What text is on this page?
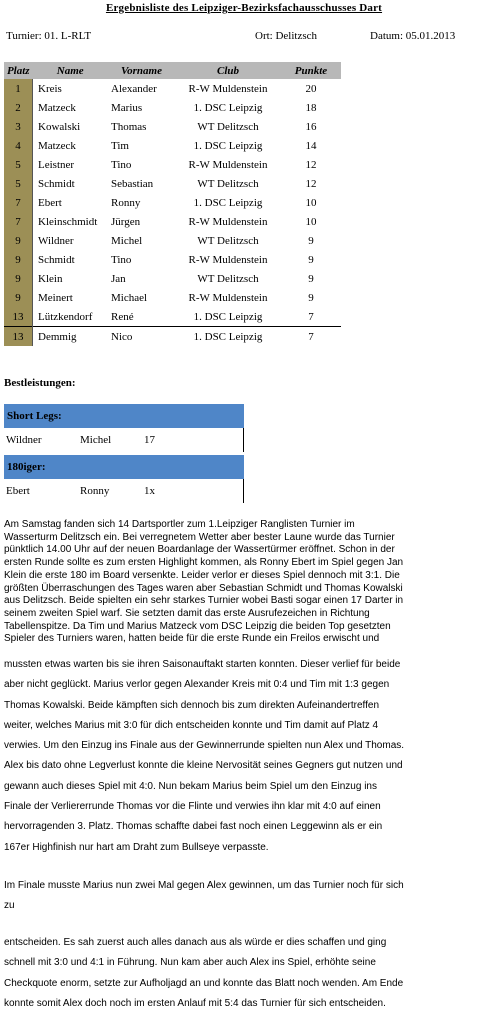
Ergebnisliste des Leipziger-Bezirksfachausschusses Dart
Turnier: 01. L-RLT	Ort: Delitzsch	Datum: 05.01.2013
Platz	Name	Vorname	Club	Punkte
1	Kreis	Alexander	R-W Muldenstein	20
2	Matzeck	Marius	1. DSC Leipzig	18
3	Kowalski	Thomas	WT Delitzsch	16
4	Matzeck	Tim	1. DSC Leipzig	14
5	Leistner	Tino	R-W Muldenstein	12
5	Schmidt	Sebastian	WT Delitzsch	12
7	Ebert	Ronny	1. DSC Leipzig	10
7	Kleinschmidt	Jürgen	R-W Muldenstein	10
9	Wildner	Michel	WT Delitzsch	9
9	Schmidt	Tino	R-W Muldenstein	9
9	Klein	Jan	WT Delitzsch	9
9	Meinert	Michael	R-W Muldenstein	9
13	Lützkendorf	René	1. DSC Leipzig	7
13	Demmig	Nico	1. DSC Leipzig	7
Bestleistungen:
Short Legs:
Wildner	Michel	17
180iger:
Ebert	Ronny	1x
Am Samstag fanden sich 14 Dartsportler zum 1.Leipziger Ranglisten Turnier im
Wasserturm Delitzsch ein. Bei verregnetem Wetter aber bester Laune wurde das Turnier
pünktlich 14.00 Uhr auf der neuen Boardanlage der Wassertürmer eröffnet. Schon in der
ersten Runde sollte es zum ersten Highlight kommen, als Ronny Ebert im Spiel gegen Jan
Klein die erste 180 im Board versenkte. Leider verlor er dieses Spiel dennoch mit 3:1. Die
größten Überraschungen des Tages waren aber Sebastian Schmidt und Thomas Kowalski
aus Delitzsch. Beide spielten ein sehr starkes Turnier wobei Basti sogar einen 17 Darter in
seinem zweiten Spiel warf. Sie setzten damit das erste Ausrufezeichen in Richtung
Tabellenspitze. Da Tim und Marius Matzeck vom DSC Leipzig die beiden Top gesetzten
Spieler des Turniers waren, hatten beide für die erste Runde ein Freilos erwischt und
mussten etwas warten bis sie ihren Saisonauftakt starten konnten. Dieser verlief für beide
aber nicht geglückt. Marius verlor gegen Alexander Kreis mit 0:4 und Tim mit 1:3 gegen
Thomas Kowalski. Beide kämpften sich dennoch bis zum direkten Aufeinandertreffen
weiter, welches Marius mit 3:0 für dich entscheiden konnte und Tim damit auf Platz 4
verwies. Um den Einzug ins Finale aus der Gewinnerrunde spielten nun Alex und Thomas.
Alex bis dato ohne Legverlust konnte die kleine Nervosität seines Gegners gut nutzen und
gewann auch dieses Spiel mit 4:0. Nun bekam Marius beim Spiel um den Einzug ins
Finale der Verliererrunde Thomas vor die Flinte und verwies ihn klar mit 4:0 auf einen
hervorragenden 3. Platz. Thomas schaffte dabei fast noch einen Leggewinn als er ein
167er Highfinish nur hart am Draht zum Bullseye verpasste.
Im Finale musste Marius nun zwei Mal gegen Alex gewinnen, um das Turnier noch für sich
zu
entscheiden. Es sah zuerst auch alles danach aus als würde er dies schaffen und ging
schnell mit 3:0 und 4:1 in Führung. Nun kam aber auch Alex ins Spiel, erhöhte seine
Checkquote enorm, setzte zur Aufholjagd an und konnte das Blatt noch wenden. Am Ende
konnte somit Alex doch noch im ersten Anlauf mit 5:4 das Turnier für sich entscheiden.
